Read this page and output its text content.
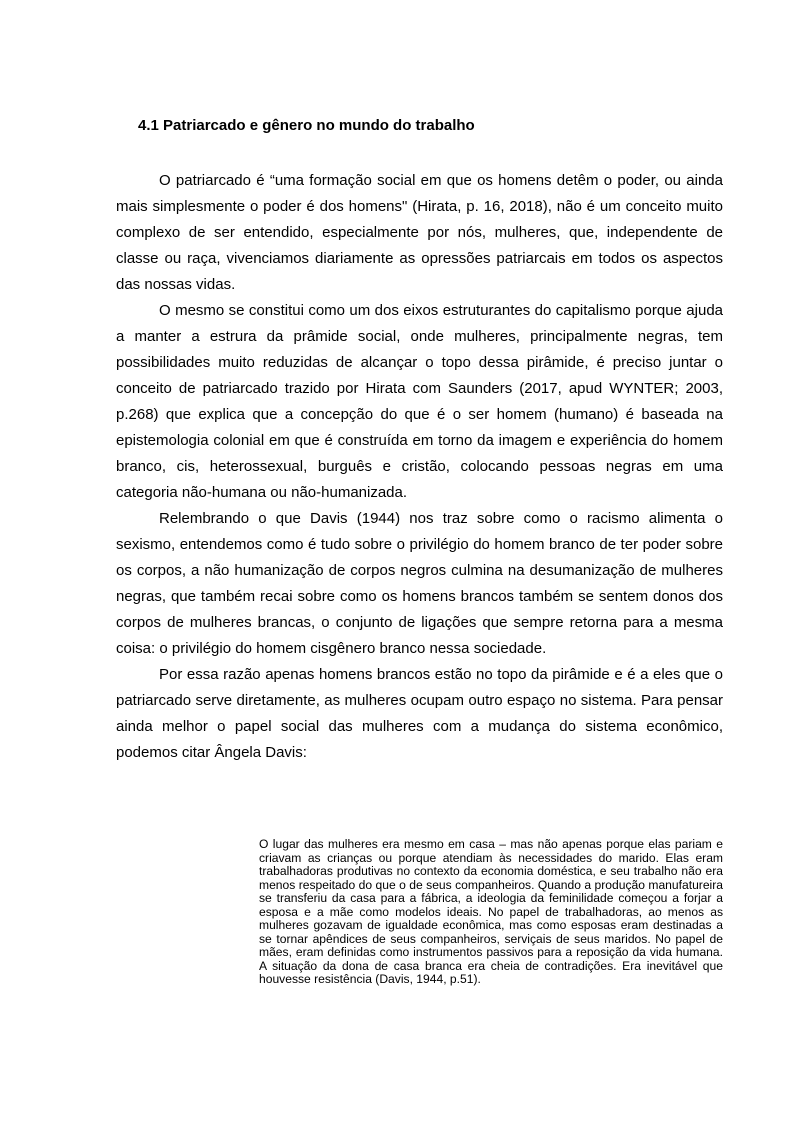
4.1 Patriarcado e gênero no mundo do trabalho

O patriarcado é “uma formação social em que os homens detêm o poder, ou ainda mais simplesmente o poder é dos homens" (Hirata, p. 16, 2018), não é um conceito muito complexo de ser entendido, especialmente por nós, mulheres, que, independente de classe ou raça, vivenciamos diariamente as opressões patriarcais em todos os aspectos das nossas vidas.

O mesmo se constitui como um dos eixos estruturantes do capitalismo porque ajuda a manter a estrura da prâmide social, onde mulheres, principalmente negras, tem possibilidades muito reduzidas de alcançar o topo dessa pirâmide, é preciso juntar o conceito de patriarcado trazido por Hirata com Saunders (2017, apud WYNTER; 2003, p.268) que explica que a concepção do que é o ser homem (humano) é baseada na epistemologia colonial em que é construída em torno da imagem e experiência do homem branco, cis, heterossexual, burguês e cristão, colocando pessoas negras em uma categoria não-humana ou não-humanizada.

Relembrando o que Davis (1944) nos traz sobre como o racismo alimenta o sexismo, entendemos como é tudo sobre o privilégio do homem branco de ter poder sobre os corpos, a não humanização de corpos negros culmina na desumanização de mulheres negras, que também recai sobre como os homens brancos também se sentem donos dos corpos de mulheres brancas, o conjunto de ligações que sempre retorna para a mesma coisa: o privilégio do homem cisgênero branco nessa sociedade.

Por essa razão apenas homens brancos estão no topo da pirâmide e é a eles que o patriarcado serve diretamente, as mulheres ocupam outro espaço no sistema. Para pensar ainda melhor o papel social das mulheres com a mudança do sistema econômico, podemos citar Ângela Davis:

O lugar das mulheres era mesmo em casa – mas não apenas porque elas pariam e criavam as crianças ou porque atendiam às necessidades do marido. Elas eram trabalhadoras produtivas no contexto da economia doméstica, e seu trabalho não era menos respeitado do que o de seus companheiros. Quando a produção manufatureira se transferiu da casa para a fábrica, a ideologia da feminilidade começou a forjar a esposa e a mãe como modelos ideais. No papel de trabalhadoras, ao menos as mulheres gozavam de igualdade econômica, mas como esposas eram destinadas a se tornar apêndices de seus companheiros, serviçais de seus maridos. No papel de mães, eram definidas como instrumentos passivos para a reposição da vida humana. A situação da dona de casa branca era cheia de contradições. Era inevitável que houvesse resistência (Davis, 1944, p.51).
